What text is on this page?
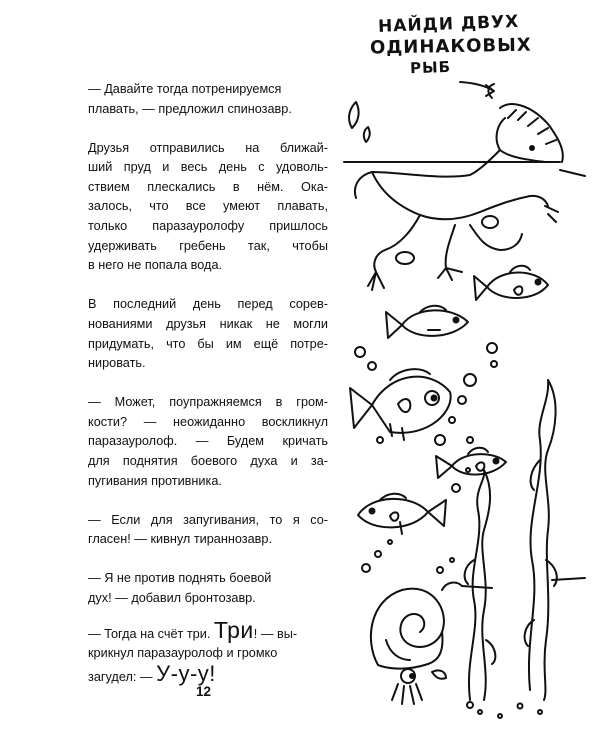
— Давайте тогда потренируемся
плавать, — предложил спинозавр.

Друзья отправились на ближай-
ший пруд и весь день с удоволь-
ствием плескались в нём. Ока-
залось, что все умеют плавать,
только паразауролофу пришлось
удерживать гребень так, чтобы
в него не попала вода.

В последний день перед сорев-
нованиями друзья никак не могли
придумать, что бы им ещё потре-
нировать.

— Может, поупражняемся в гром-
кости? — неожиданно воскликнул
паразауролоф. — Будем кричать
для поднятия боевого духа и за-
пугивания противника.

— Если для запугивания, то я со-
гласен! — кивнул тираннозавр.

— Я не против поднять боевой
дух! — добавил бронтозавр.

— Тогда на счёт три. Три! — вы-
крикнул паразауролоф и громко
загудел: — У-у-у!

12
НАЙДИ ДВУХ
ОДИНАКОВЫХ
РЫБ
